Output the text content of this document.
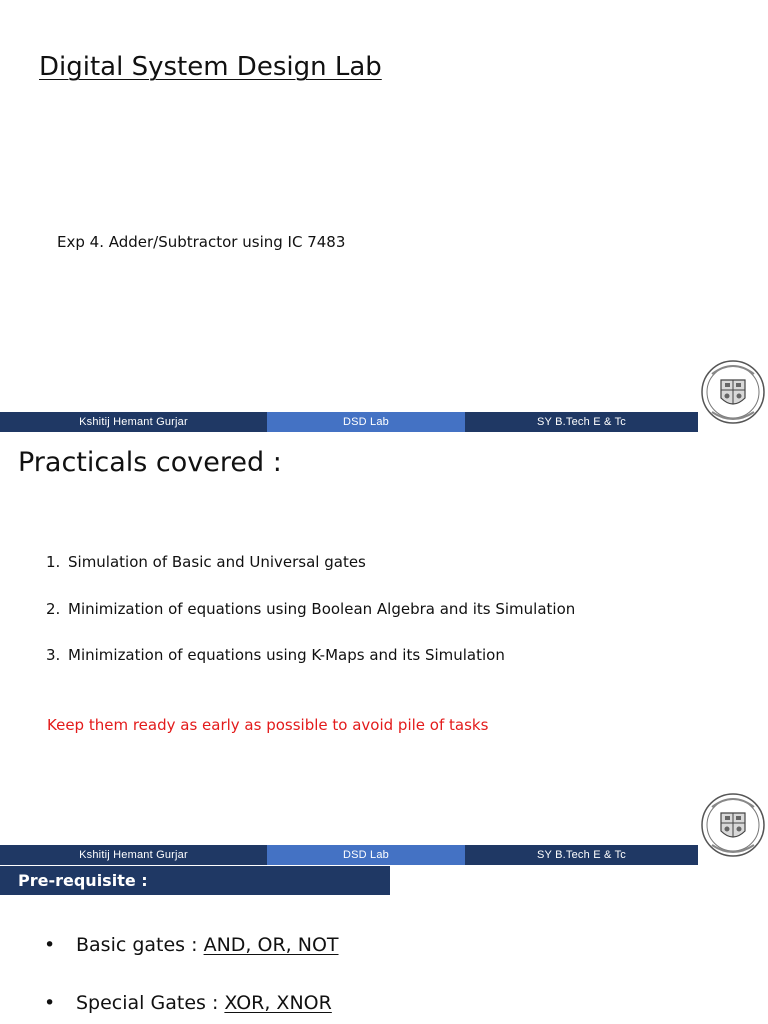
Digital System Design Lab
Exp 4. Adder/Subtractor using IC 7483
Kshitij Hemant Gurjar	DSD Lab	SY B.Tech E & Tc
Practicals covered :
1. Simulation of Basic and Universal gates
2. Minimization of equations using Boolean Algebra and its Simulation
3. Minimization of equations using K-Maps and its Simulation
Keep them ready as early as possible to avoid pile of tasks
Kshitij Hemant Gurjar	DSD Lab	SY B.Tech E & Tc
Pre-requisite :
• Basic gates : AND, OR, NOT
• Special Gates : XOR, XNOR
